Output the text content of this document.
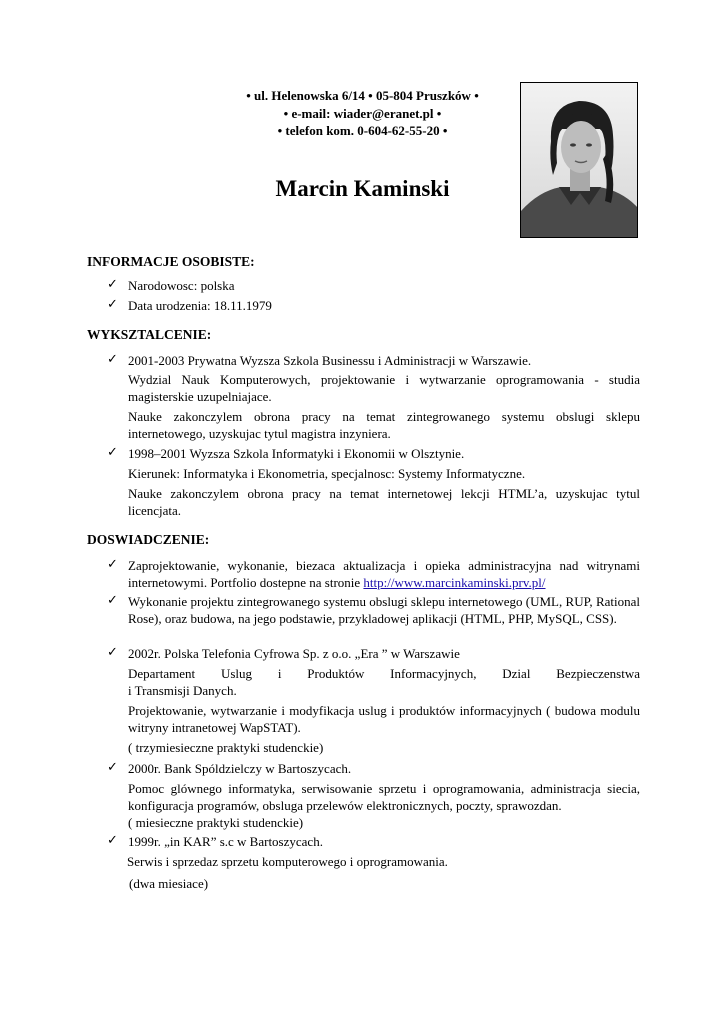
• ul. Helenowska 6/14 • 05-804 Pruszków •
• e-mail: wiader@eranet.pl •
• telefon kom. 0-604-62-55-20 •
Marcin Kaminski
INFORMACJE OSOBISTE:
✓ Narodowosc: polska
✓ Data urodzenia: 18.11.1979
WYKSZTALCENIE:
✓ 2001-2003 Prywatna Wyzsza Szkola Businessu i Administracji w Warszawie.
Wydzial Nauk Komputerowych, projektowanie i wytwarzanie oprogramowania - studia magisterskie uzupelniajace.
Nauke zakonczylem obrona pracy na temat zintegrowanego systemu obslugi sklepu internetowego, uzyskujac tytul magistra inzyniera.
✓ 1998–2001 Wyzsza Szkola Informatyki i Ekonomii w Olsztynie.
Kierunek: Informatyka i Ekonometria, specjalnosc: Systemy Informatyczne.
Nauke zakonczylem obrona pracy na temat internetowej lekcji HTML’a, uzyskujac tytul licencjata.
DOSWIADCZENIE:
✓ Zaprojektowanie, wykonanie, biezaca aktualizacja i opieka administracyjna nad witrynami internetowymi. Portfolio dostepne na stronie http://www.marcinkaminski.prv.pl/
✓ Wykonanie projektu zintegrowanego systemu obslugi sklepu internetowego (UML, RUP, Rational Rose), oraz budowa, na jego podstawie, przykladowej aplikacji (HTML, PHP, MySQL, CSS).
✓ 2002r. Polska Telefonia Cyfrowa Sp. z o.o. „Era ” w Warszawie
Departament Uslug i Produktów Informacyjnych, Dzial Bezpieczenstwa
i Transmisji Danych.
Projektowanie, wytwarzanie i modyfikacja uslug i produktów informacyjnych ( budowa modulu witryny intranetowej WapSTAT).
( trzymiesieczne praktyki studenckie)
✓ 2000r. Bank Spóldzielczy w Bartoszycach.
Pomoc glównego informatyka, serwisowanie sprzetu i oprogramowania, administracja siecia, konfiguracja programów, obsluga przelewów elektronicznych, poczty, sprawozdan.
( miesieczne praktyki studenckie)
✓ 1999r. „in KAR” s.c w Bartoszycach.
Serwis i sprzedaz sprzetu komputerowego i oprogramowania.
(dwa miesiace)
